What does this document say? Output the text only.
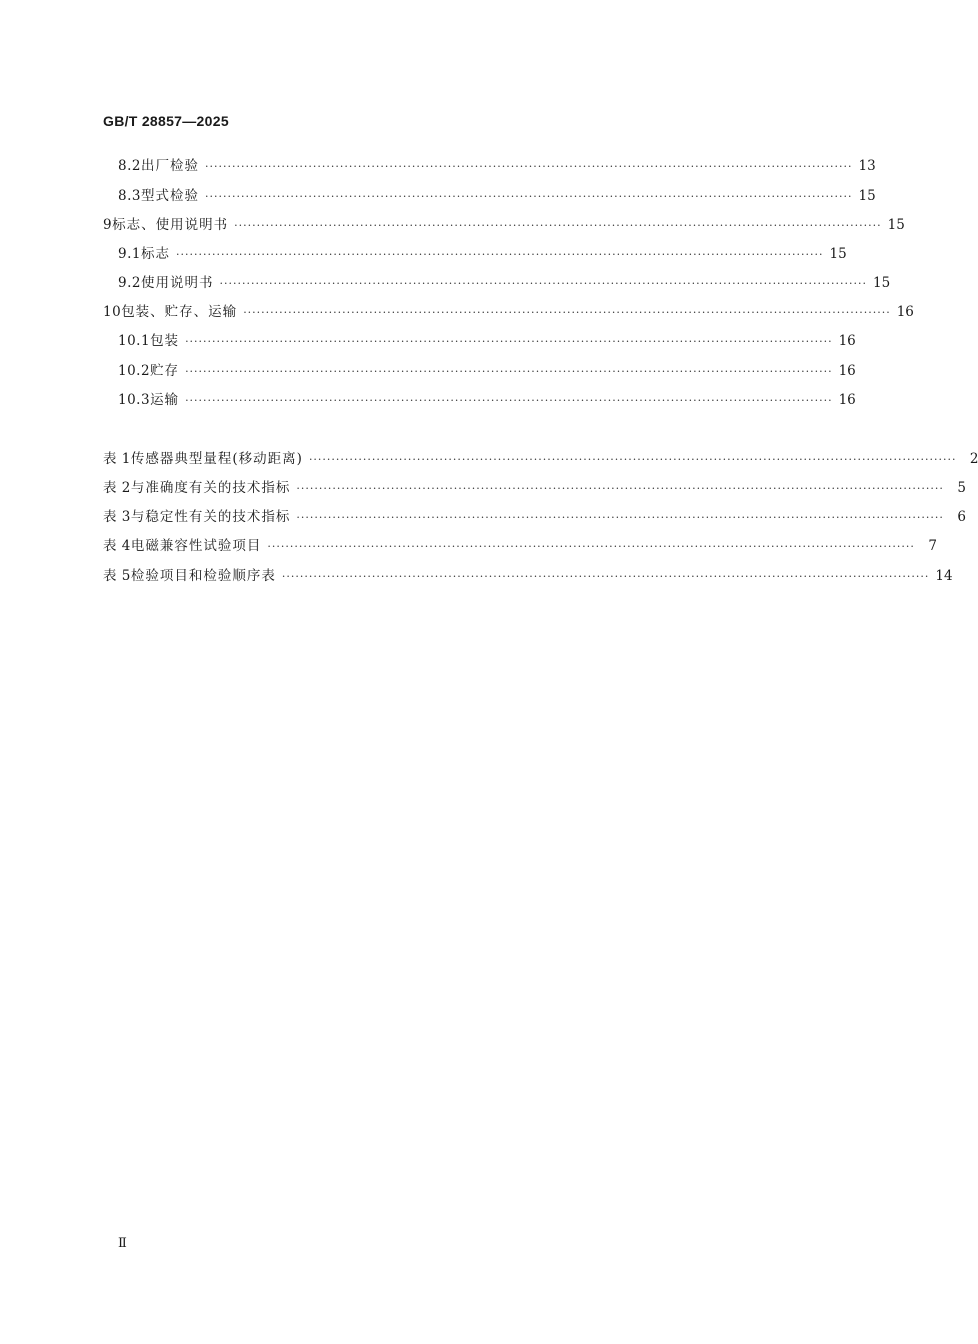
GB/T 28857—2025
8.2 出厂检验 ················································································································································ 13
8.3 型式检验 ················································································································································ 15
9 标志、使用说明书 ················································································································································ 15
9.1 标志 ················································································································································ 15
9.2 使用说明书 ················································································································································ 15
10 包装、贮存、运输 ················································································································································ 16
10.1 包装 ················································································································································ 16
10.2 贮存 ················································································································································ 16
10.3 运输 ················································································································································ 16
表 1 传感器典型量程(移动距离) ················································································································································ 2
表 2 与准确度有关的技术指标 ················································································································································ 5
表 3 与稳定性有关的技术指标 ················································································································································ 6
表 4 电磁兼容性试验项目 ················································································································································ 7
表 5 检验项目和检验顺序表 ················································································································································ 14
Ⅱ
